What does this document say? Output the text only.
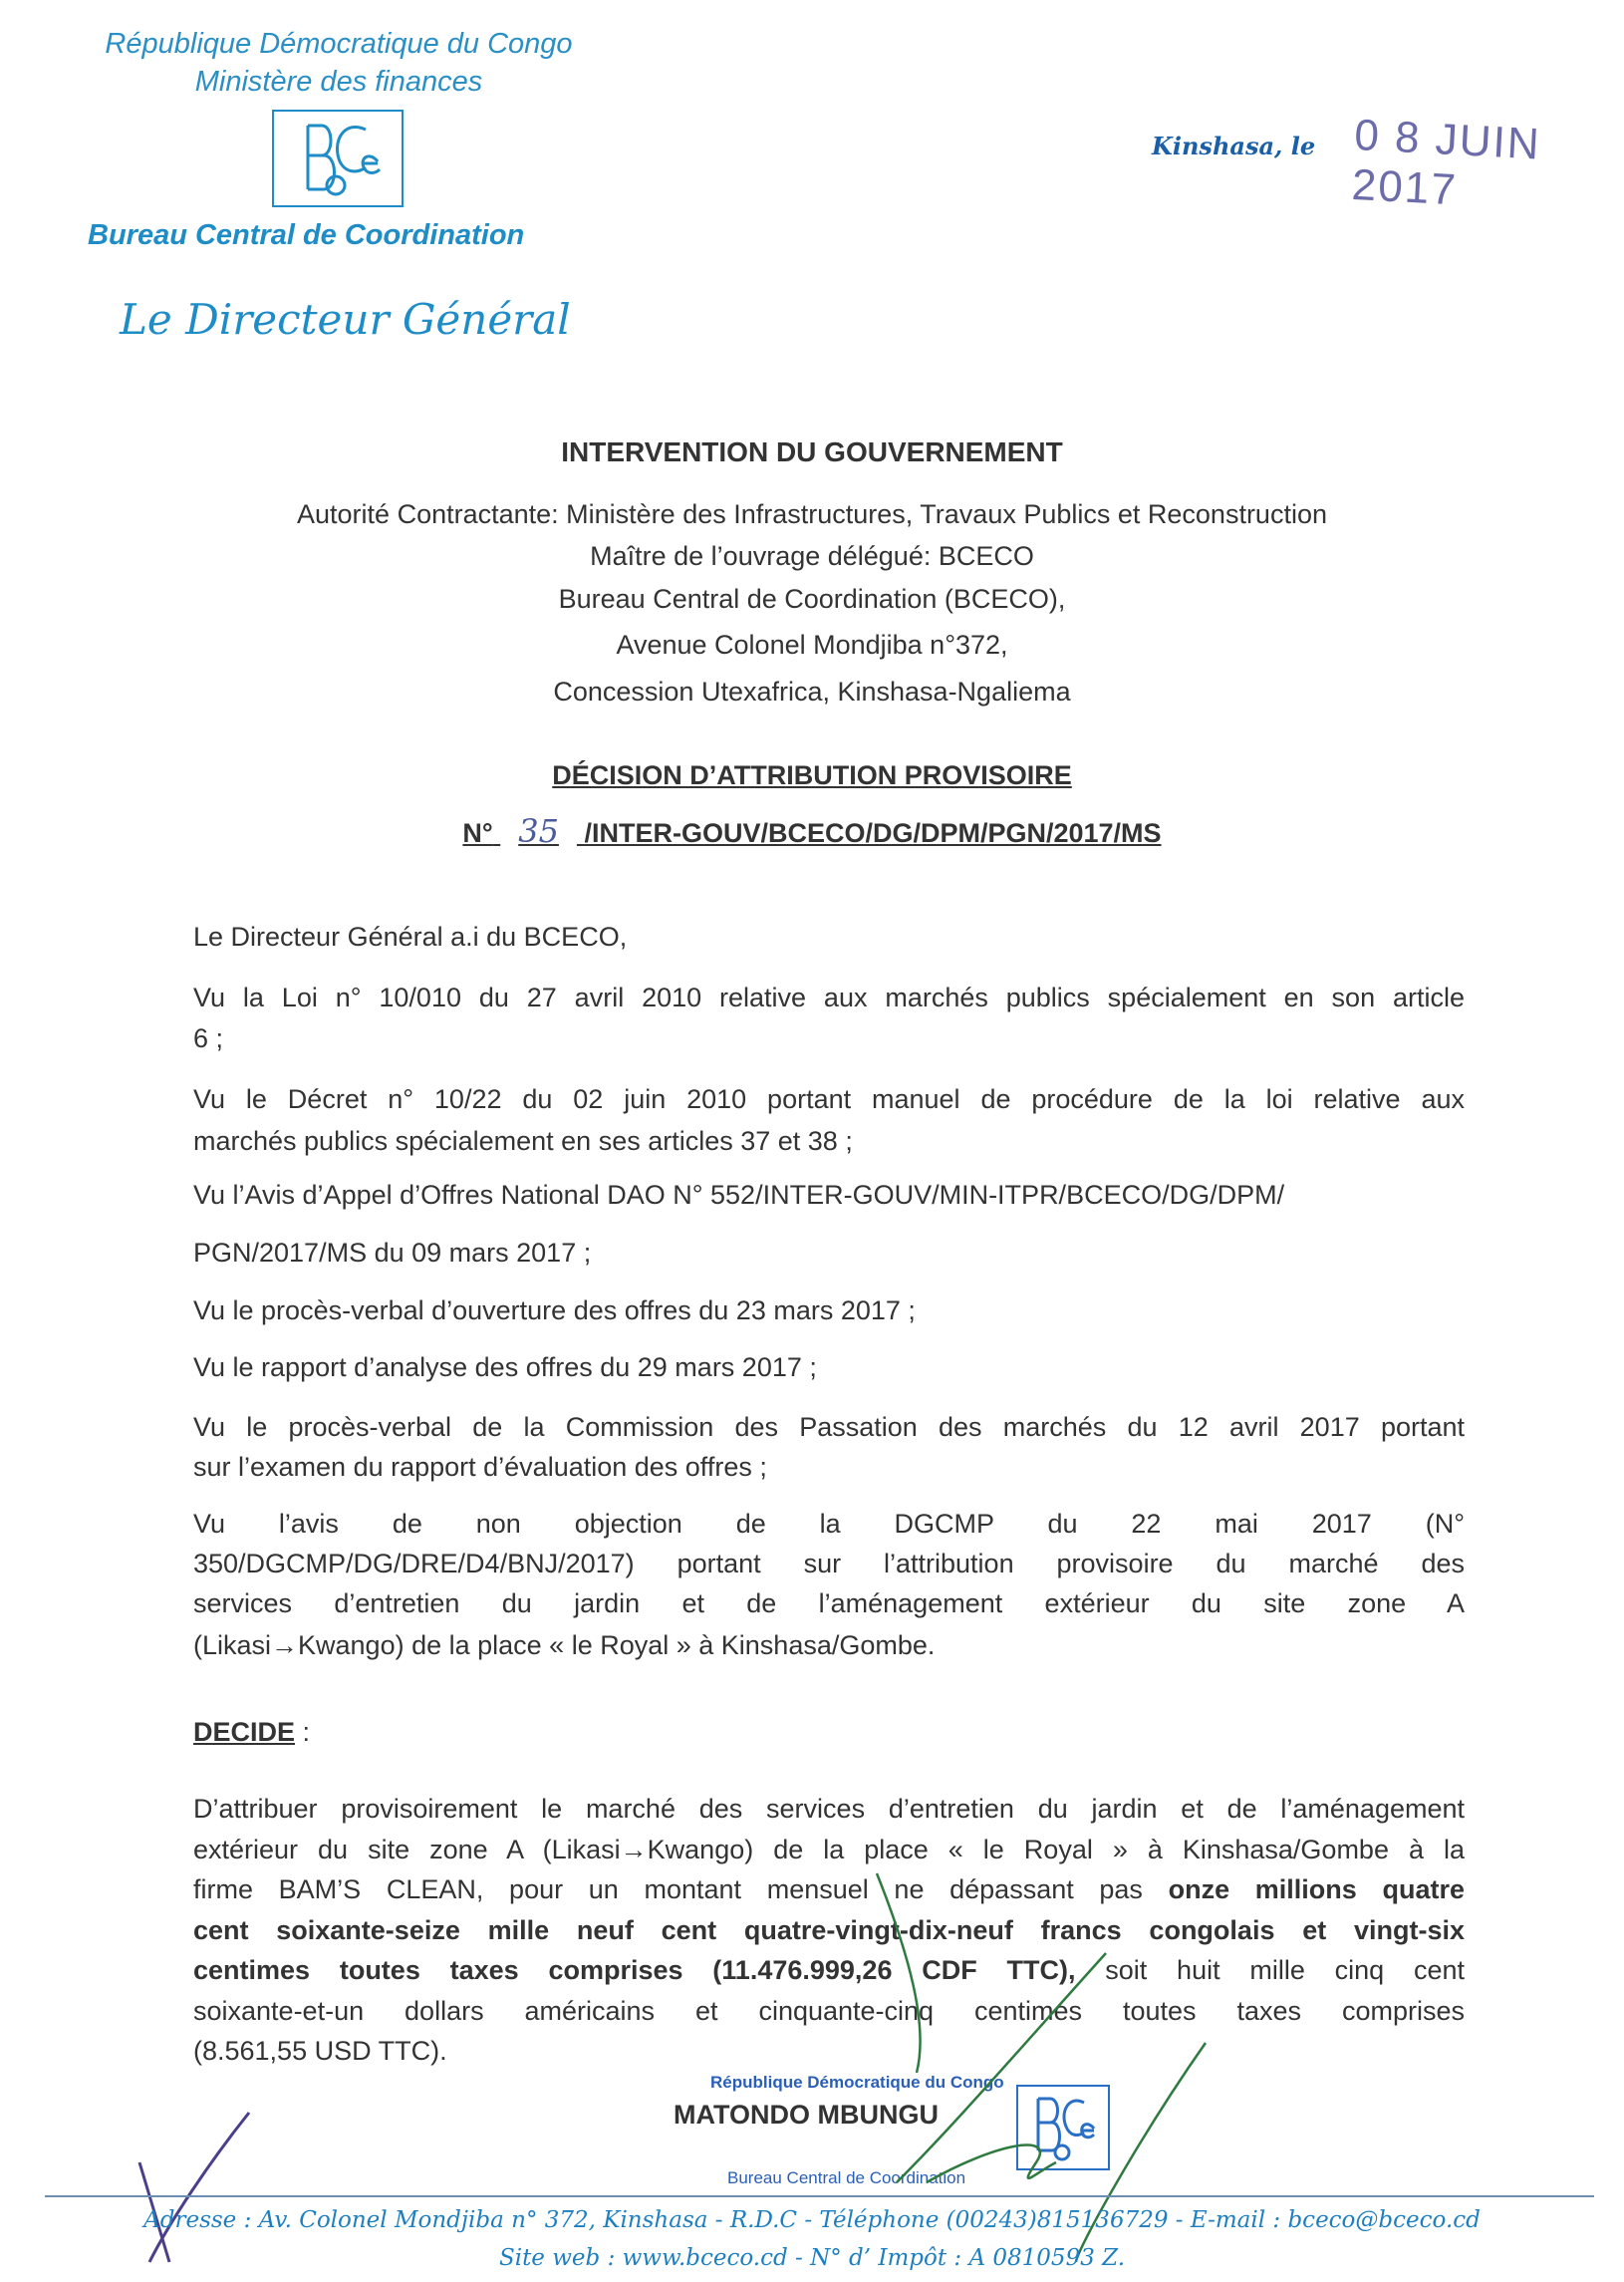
République Démocratique du Congo
Ministère des finances
Bureau Central de Coordination
Le Directeur Général
Kinshasa, le 0 8 JUIN 2017
INTERVENTION DU GOUVERNEMENT
Autorité Contractante: Ministère des Infrastructures, Travaux Publics et Reconstruction
Maître de l’ouvrage délégué: BCECO
Bureau Central de Coordination (BCECO),
Avenue Colonel Mondjiba n°372,
Concession Utexafrica, Kinshasa-Ngaliema
DÉCISION D’ATTRIBUTION PROVISOIRE
N° 35 /INTER-GOUV/BCECO/DG/DPM/PGN/2017/MS
Le Directeur Général a.i du BCECO,
Vu la Loi n° 10/010 du 27 avril 2010 relative aux marchés publics spécialement en son article
6 ;
Vu le Décret n° 10/22 du 02 juin 2010 portant manuel de procédure de la loi relative aux
marchés publics spécialement en ses articles 37 et 38 ;
Vu l’Avis d’Appel d’Offres National DAO N° 552/INTER-GOUV/MIN-ITPR/BCECO/DG/DPM/
PGN/2017/MS du 09 mars 2017 ;
Vu le procès-verbal d’ouverture des offres du 23 mars 2017 ;
Vu le rapport d’analyse des offres du 29 mars 2017 ;
Vu le procès-verbal de la Commission des Passation des marchés du 12 avril 2017 portant
sur l’examen du rapport d’évaluation des offres ;
Vu l’avis de non objection de la DGCMP du 22 mai 2017 (N°
350/DGCMP/DG/DRE/D4/BNJ/2017) portant sur l’attribution provisoire du marché des
services d’entretien du jardin et de l’aménagement extérieur du site zone A
(Likasi→Kwango) de la place « le Royal » à Kinshasa/Gombe.
DECIDE :
D’attribuer provisoirement le marché des services d’entretien du jardin et de l’aménagement
extérieur du site zone A (Likasi→Kwango) de la place « le Royal » à Kinshasa/Gombe à la
firme BAM’S CLEAN, pour un montant mensuel ne dépassant pas onze millions quatre
cent soixante-seize mille neuf cent quatre-vingt-dix-neuf francs congolais et vingt-six
centimes toutes taxes comprises (11.476.999,26 CDF TTC), soit huit mille cinq cent
soixante-et-un dollars américains et cinquante-cinq centimes toutes taxes comprises
(8.561,55 USD TTC).
République Démocratique du Congo
MATONDO MBUNGU
Bureau Central de Coordination
Adresse : Av. Colonel Mondjiba n° 372, Kinshasa - R.D.C - Téléphone (00243)815136729 - E-mail : bceco@bceco.cd
Site web : www.bceco.cd - N° d’ Impôt : A 0810593 Z.
